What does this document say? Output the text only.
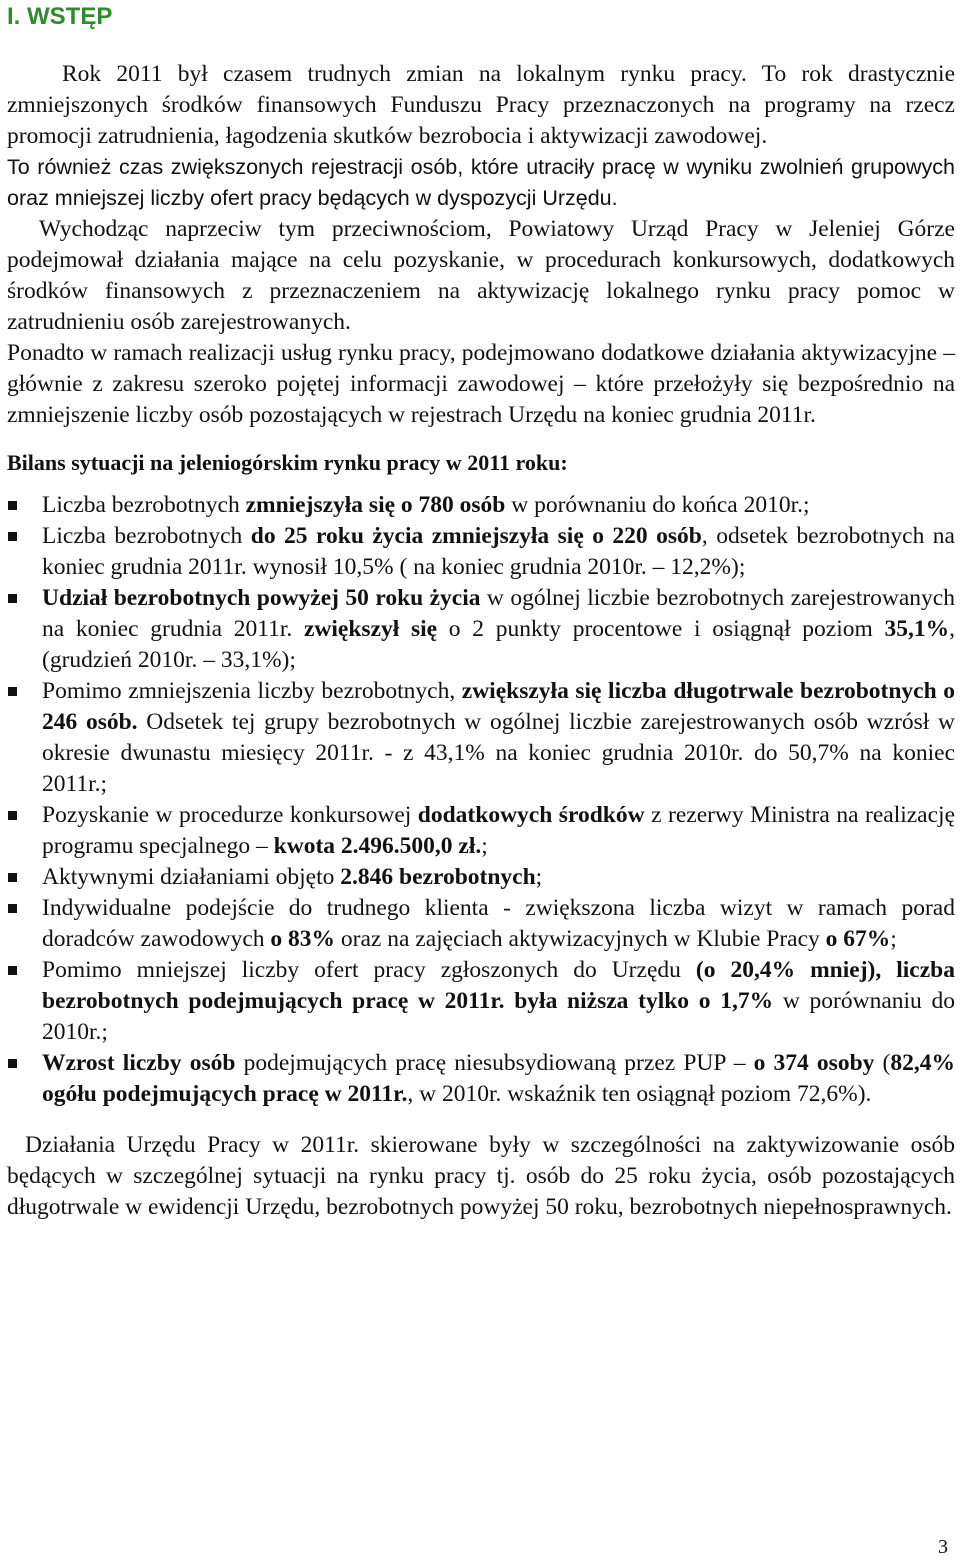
I. WSTĘP

Rok 2011 był czasem trudnych zmian na lokalnym rynku pracy. To rok drastycznie zmniejszonych środków finansowych Funduszu Pracy przeznaczonych na programy na rzecz promocji zatrudnienia, łagodzenia skutków bezrobocia i aktywizacji zawodowej.

To również czas zwiększonych rejestracji osób, które utraciły pracę w wyniku zwolnień grupowych oraz mniejszej liczby ofert pracy będących w dyspozycji Urzędu.

Wychodząc naprzeciw tym przeciwnościom, Powiatowy Urząd Pracy w Jeleniej Górze podejmował działania mające na celu pozyskanie, w procedurach konkursowych, dodatkowych środków finansowych z przeznaczeniem na aktywizację lokalnego rynku pracy pomoc w zatrudnieniu osób zarejestrowanych.

Ponadto w ramach realizacji usług rynku pracy, podejmowano dodatkowe działania aktywizacyjne – głównie z zakresu szeroko pojętej informacji zawodowej – które przełożyły się bezpośrednio na zmniejszenie liczby osób pozostających w rejestrach Urzędu na koniec grudnia 2011r.

Bilans sytuacji na jeleniogórskim rynku pracy w 2011 roku:

Liczba bezrobotnych zmniejszyła się o 780 osób w porównaniu do końca 2010r.;
Liczba bezrobotnych do 25 roku życia zmniejszyła się o 220 osób, odsetek bezrobotnych na koniec grudnia 2011r. wynosił 10,5% ( na koniec grudnia 2010r. – 12,2%);
Udział bezrobotnych powyżej 50 roku życia w ogólnej liczbie bezrobotnych zarejestrowanych na koniec grudnia 2011r. zwiększył się o 2 punkty procentowe i osiągnął poziom 35,1%, (grudzień 2010r. – 33,1%);
Pomimo zmniejszenia liczby bezrobotnych, zwiększyła się liczba długotrwale bezrobotnych o 246 osób. Odsetek tej grupy bezrobotnych w ogólnej liczbie zarejestrowanych osób wzrósł w okresie dwunastu miesięcy 2011r. - z 43,1% na koniec grudnia 2010r. do 50,7% na koniec 2011r.;
Pozyskanie w procedurze konkursowej dodatkowych środków z rezerwy Ministra na realizację programu specjalnego – kwota 2.496.500,0 zł.;
Aktywnymi działaniami objęto 2.846 bezrobotnych;
Indywidualne podejście do trudnego klienta - zwiększona liczba wizyt w ramach porad doradców zawodowych o 83% oraz na zajęciach aktywizacyjnych w Klubie Pracy o 67%;
Pomimo mniejszej liczby ofert pracy zgłoszonych do Urzędu (o 20,4% mniej), liczba bezrobotnych podejmujących pracę w 2011r. była niższa tylko o 1,7% w porównaniu do 2010r.;
Wzrost liczby osób podejmujących pracę niesubsydiowaną przez PUP – o 374 osoby (82,4% ogółu podejmujących pracę w 2011r., w 2010r. wskaźnik ten osiągnął poziom 72,6%).

Działania Urzędu Pracy w 2011r. skierowane były w szczególności na zaktywizowanie osób będących w szczególnej sytuacji na rynku pracy tj. osób do 25 roku życia, osób pozostających długotrwale w ewidencji Urzędu, bezrobotnych powyżej 50 roku, bezrobotnych niepełnosprawnych.

3
